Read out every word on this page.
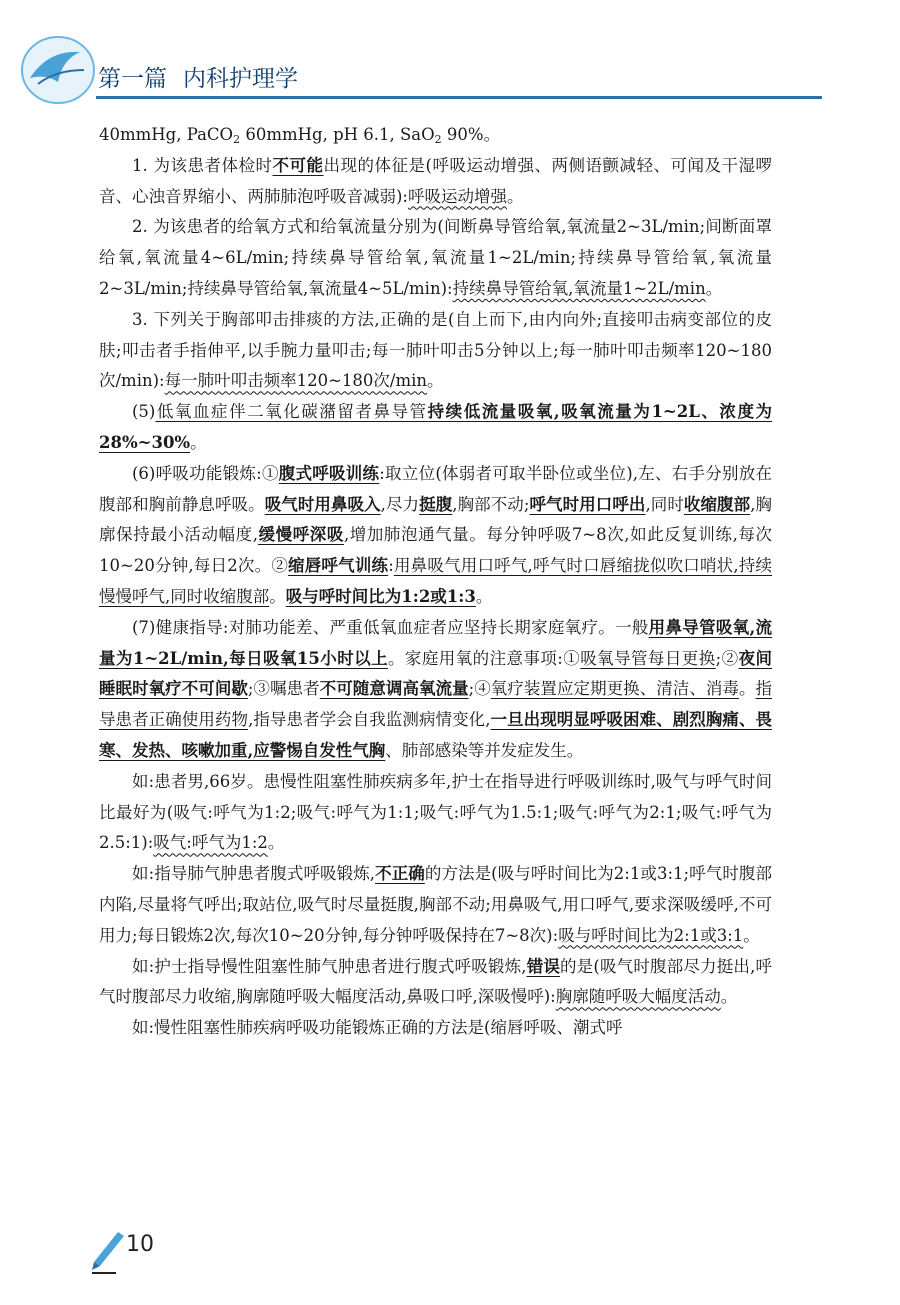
第一篇 内科护理学

40mmHg, PaCO$_2$ 60mmHg, pH 6.1, SaO$_2$ 90%。

1. 为该患者体检时不可能出现的体征是(呼吸运动增强、两侧语颤减轻、可闻及干湿啰音、心浊音界缩小、两肺肺泡呼吸音减弱):呼吸运动增强。

2. 为该患者的给氧方式和给氧流量分别为(间断鼻导管给氧,氧流量2~3L/min;间断面罩给氧,氧流量4~6L/min;持续鼻导管给氧,氧流量1~2L/min;持续鼻导管给氧,氧流量2~3L/min;持续鼻导管给氧,氧流量4~5L/min):持续鼻导管给氧,氧流量1~2L/min。

3. 下列关于胸部叩击排痰的方法,正确的是(自上而下,由内向外;直接叩击病变部位的皮肤;叩击者手指伸平,以手腕力量叩击;每一肺叶叩击5分钟以上;每一肺叶叩击频率120~180次/min):每一肺叶叩击频率120~180次/min。

(5)低氧血症伴二氧化碳潴留者鼻导管持续低流量吸氧,吸氧流量为1~2L、浓度为28%~30%。

(6)呼吸功能锻炼:①腹式呼吸训练:取立位(体弱者可取半卧位或坐位),左、右手分别放在腹部和胸前静息呼吸。吸气时用鼻吸入,尽力挺腹,胸部不动;呼气时用口呼出,同时收缩腹部,胸廓保持最小活动幅度,缓慢呼深吸,增加肺泡通气量。每分钟呼吸7~8次,如此反复训练,每次10~20分钟,每日2次。②缩唇呼气训练:用鼻吸气用口呼气,呼气时口唇缩拢似吹口哨状,持续慢慢呼气,同时收缩腹部。吸与呼时间比为1:2或1:3。

(7)健康指导:对肺功能差、严重低氧血症者应坚持长期家庭氧疗。一般用鼻导管吸氧,流量为1~2L/min,每日吸氧15小时以上。家庭用氧的注意事项:①吸氧导管每日更换;②夜间睡眠时氧疗不可间歇;③嘱患者不可随意调高氧流量;④氧疗装置应定期更换、清洁、消毒。指导患者正确使用药物,指导患者学会自我监测病情变化,一旦出现明显呼吸困难、剧烈胸痛、畏寒、发热、咳嗽加重,应警惕自发性气胸、肺部感染等并发症发生。

如:患者男,66岁。患慢性阻塞性肺疾病多年,护士在指导进行呼吸训练时,吸气与呼气时间比最好为(吸气:呼气为1:2;吸气:呼气为1:1;吸气:呼气为1.5:1;吸气:呼气为2:1;吸气:呼气为2.5:1):吸气:呼气为1:2。

如:指导肺气肿患者腹式呼吸锻炼,不正确的方法是(吸与呼时间比为2:1或3:1;呼气时腹部内陷,尽量将气呼出;取站位,吸气时尽量挺腹,胸部不动;用鼻吸气,用口呼气,要求深吸缓呼,不可用力;每日锻炼2次,每次10~20分钟,每分钟呼吸保持在7~8次):吸与呼时间比为2:1或3:1。

如:护士指导慢性阻塞性肺气肿患者进行腹式呼吸锻炼,错误的是(吸气时腹部尽力挺出,呼气时腹部尽力收缩,胸廓随呼吸大幅度活动,鼻吸口呼,深吸慢呼):胸廓随呼吸大幅度活动。

如:慢性阻塞性肺疾病呼吸功能锻炼正确的方法是(缩唇呼吸、潮式呼

10
